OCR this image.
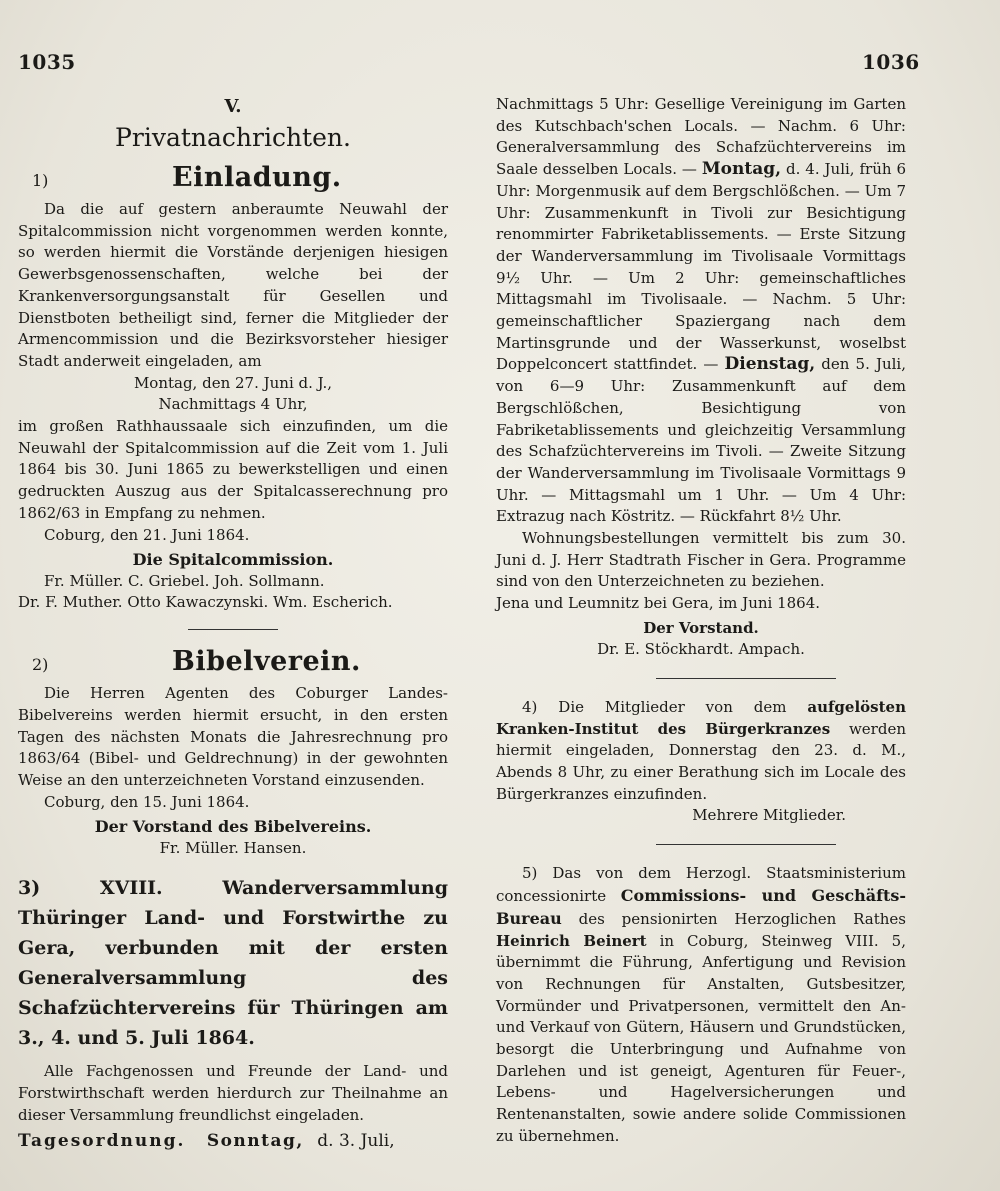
1035	1036
V.
Privatnachrichten.
1)	Einladung.

Da die auf gestern anberaumte Neuwahl der Spitalcommission nicht vorgenommen werden konnte, so werden hiermit die Vorstände derjenigen hiesigen Gewerbsgenossenschaften, welche bei der Krankenversorgungsanstalt für Gesellen und Dienstboten betheiligt sind, ferner die Mitglieder der Armencommission und die Bezirksvorsteher hiesiger Stadt anderweit eingeladen, am

Montag, den 27. Juni d. J.,

Nachmittags 4 Uhr,

im großen Rathhaussaale sich einzufinden, um die Neuwahl der Spitalcommission auf die Zeit vom 1. Juli 1864 bis 30. Juni 1865 zu bewerkstelligen und einen gedruckten Auszug aus der Spitalcasserechnung pro 1862/63 in Empfang zu nehmen.

Coburg, den 21. Juni 1864.

Die Spitalcommission.
Fr. Müller. C. Griebel. Joh. Sollmann.
Dr. F. Muther. Otto Kawaczynski. Wm. Escherich.
2)	Bibelverein.

Die Herren Agenten des Coburger Landes-Bibelvereins werden hiermit ersucht, in den ersten Tagen des nächsten Monats die Jahresrechnung pro 1863/64 (Bibel- und Geldrechnung) in der gewohnten Weise an den unterzeichneten Vorstand einzusenden.

Coburg, den 15. Juni 1864.

Der Vorstand des Bibelvereins.
Fr. Müller. Hansen.
3)	XVIII. Wanderversammlung Thüringer Land- und Forstwirthe zu Gera, verbunden mit der ersten Generalversammlung des Schafzüchtervereins für Thüringen am 3., 4. und 5. Juli 1864.

Alle Fachgenossen und Freunde der Land- und Forstwirthschaft werden hierdurch zur Theilnahme an dieser Versammlung freundlichst eingeladen.

Tagesordnung. Sonntag, d. 3. Juli,

Nachmittags 5 Uhr: Gesellige Vereinigung im Garten des Kutschbach'schen Locals. — Nachm. 6 Uhr: Generalversammlung des Schafzüchtervereins im Saale desselben Locals. — Montag, d. 4. Juli, früh 6 Uhr: Morgenmusik auf dem Bergschlößchen. — Um 7 Uhr: Zusammenkunft in Tivoli zur Besichtigung renommirter Fabriketablissements. — Erste Sitzung der Wanderversammlung im Tivolisaale Vormittags 9½ Uhr. — Um 2 Uhr: gemeinschaftliches Mittagsmahl im Tivolisaale. — Nachm. 5 Uhr: gemeinschaftlicher Spaziergang nach dem Martinsgrunde und der Wasserkunst, woselbst Doppelconcert stattfindet. — Dienstag, den 5. Juli, von 6—9 Uhr: Zusammenkunft auf dem Bergschlößchen, Besichtigung von Fabriketablissements und gleichzeitig Versammlung des Schafzüchtervereins im Tivoli. — Zweite Sitzung der Wanderversammlung im Tivolisaale Vormittags 9 Uhr. — Mittagsmahl um 1 Uhr. — Um 4 Uhr: Extrazug nach Köstritz. — Rückfahrt 8½ Uhr.

Wohnungsbestellungen vermittelt bis zum 30. Juni d. J. Herr Stadtrath Fischer in Gera. Programme sind von den Unterzeichneten zu beziehen.

Jena und Leumnitz bei Gera, im Juni 1864.

Der Vorstand.
Dr. E. Stöckhardt. Ampach.

4) Die Mitglieder von dem aufgelösten Kranken-Institut des Bürgerkranzes werden hiermit eingeladen, Donnerstag den 23. d. M., Abends 8 Uhr, zu einer Berathung sich im Locale des Bürgerkranzes einzufinden.

Mehrere Mitglieder.

5) Das von dem Herzogl. Staatsministerium concessionirte Commissions- und Geschäfts-Bureau des pensionirten Herzoglichen Rathes Heinrich Beinert in Coburg, Steinweg VIII. 5, übernimmt die Führung, Anfertigung und Revision von Rechnungen für Anstalten, Gutsbesitzer, Vormünder und Privatpersonen, vermittelt den An- und Verkauf von Gütern, Häusern und Grundstücken, besorgt die Unterbringung und Aufnahme von Darlehen und ist geneigt, Agenturen für Feuer-, Lebens- und Hagelversicherungen und Rentenanstalten, sowie andere solide Commissionen zu übernehmen.
